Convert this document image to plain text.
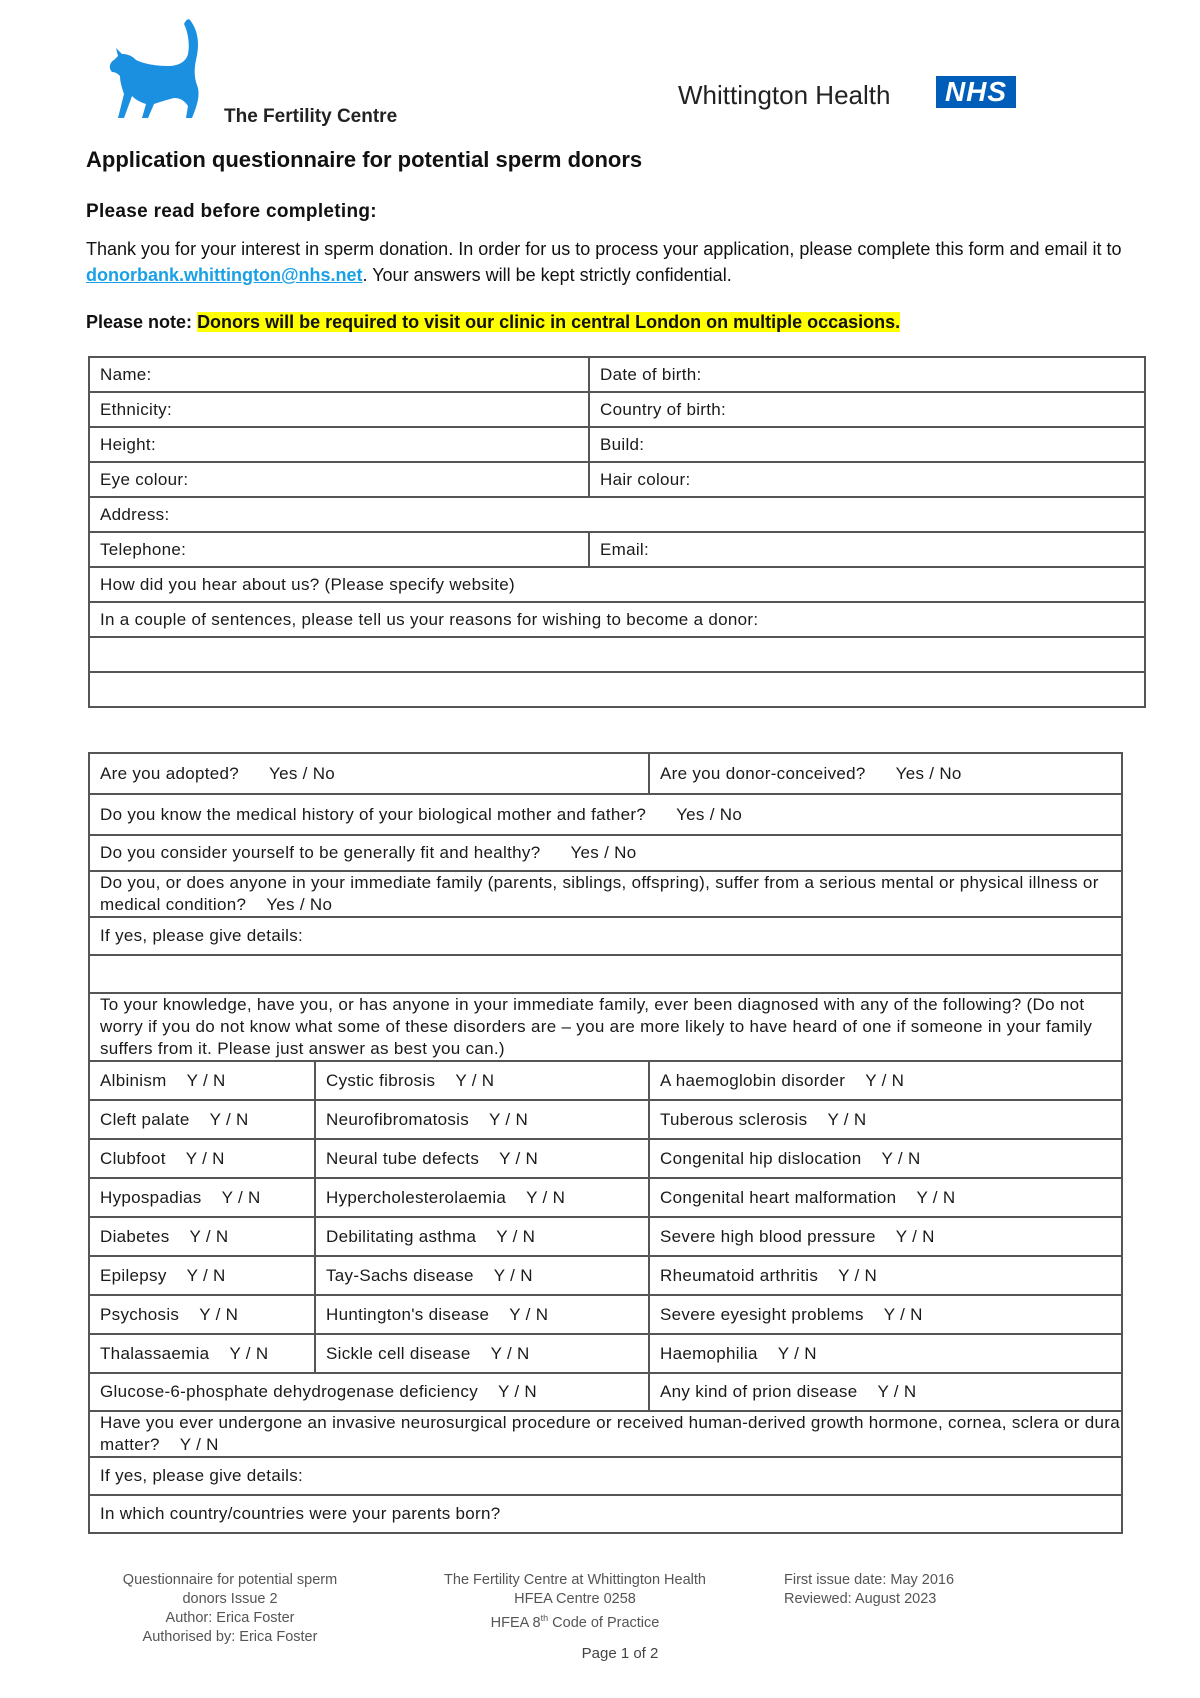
The Fertility Centre
Whittington Health	NHS
Application questionnaire for potential sperm donors
Please read before completing:
Thank you for your interest in sperm donation. In order for us to process your application, please complete this form and email it to donorbank.whittington@nhs.net. Your answers will be kept strictly confidential.
Please note: Donors will be required to visit our clinic in central London on multiple occasions.
Name:	Date of birth:
Ethnicity:	Country of birth:
Height:	Build:
Eye colour:	Hair colour:
Address:	
Telephone:	Email:
How did you hear about us? (Please specify website)	
In a couple of sentences, please tell us your reasons for wishing to become a donor:	

Are you adopted? Yes / No		Are you donor-conceived? Yes / No
Do you know the medical history of your biological mother and father? Yes / No		
Do you consider yourself to be generally fit and healthy? Yes / No		
Do you, or does anyone in your immediate family (parents, siblings, offspring), suffer from a serious mental or physical illness or medical condition? Yes / No		
If yes, please give details:		

To your knowledge, have you, or has anyone in your immediate family, ever been diagnosed with any of the following? (Do not worry if you do not know what some of these disorders are – you are more likely to have heard of one if someone in your family suffers from it. Please just answer as best you can.)		
Albinism Y / N	Cystic fibrosis Y / N	A haemoglobin disorder Y / N
Cleft palate Y / N	Neurofibromatosis Y / N	Tuberous sclerosis Y / N
Clubfoot Y / N	Neural tube defects Y / N	Congenital hip dislocation Y / N
Hypospadias Y / N	Hypercholesterolaemia Y / N	Congenital heart malformation Y / N
Diabetes Y / N	Debilitating asthma Y / N	Severe high blood pressure Y / N
Epilepsy Y / N	Tay-Sachs disease Y / N	Rheumatoid arthritis Y / N
Psychosis Y / N	Huntington's disease Y / N	Severe eyesight problems Y / N
Thalassaemia Y / N	Sickle cell disease Y / N	Haemophilia Y / N
Glucose-6-phosphate dehydrogenase deficiency Y / N		Any kind of prion disease Y / N
Have you ever undergone an invasive neurosurgical procedure or received human-derived growth hormone, cornea, sclera or dura matter? Y / N		
If yes, please give details:		
In which country/countries were your parents born?		
Questionnaire for potential sperm
donors Issue 2
Author: Erica Foster
Authorised by: Erica Foster
The Fertility Centre at Whittington Health
HFEA Centre 0258
HFEA 8th Code of Practice
First issue date: May 2016
Reviewed: August 2023
Page 1 of 2
